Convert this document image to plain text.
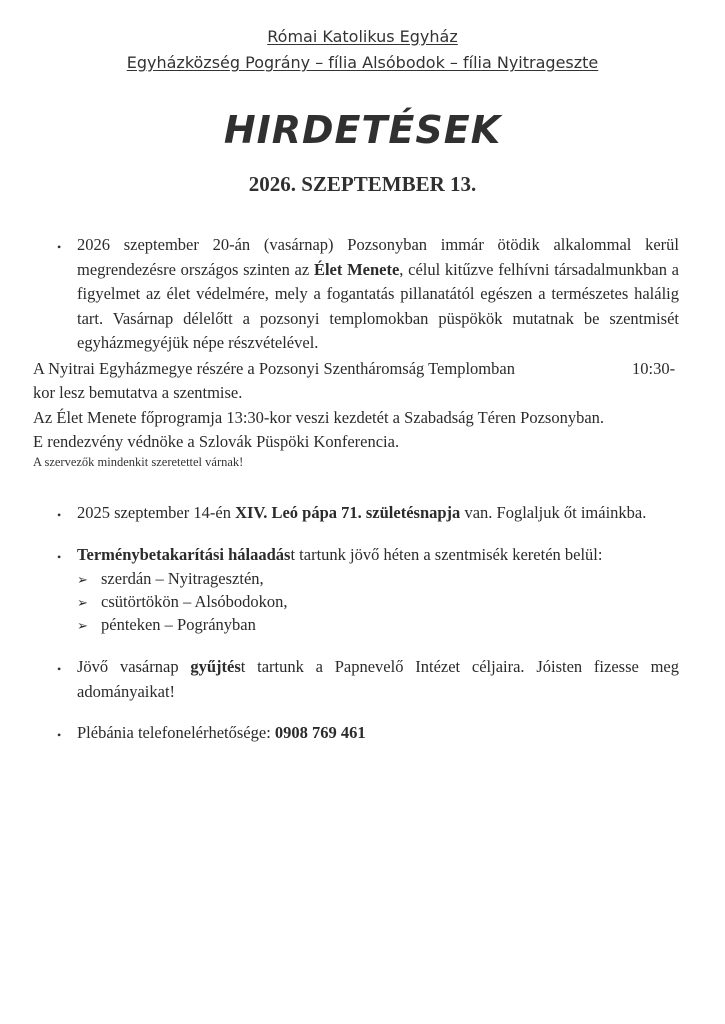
Római Katolikus Egyház
Egyházközség Pográny – fília Alsóbodok – fília Nyitrageszte
HIRDETÉSEK
2026. SZEPTEMBER 13.
• 2026 szeptember 20-án (vasárnap) Pozsonyban immár ötödik alkalommal kerül megrendezésre országos szinten az Élet Menete, célul kitűzve felhívni társadalmunkban a figyelmet az élet védelmére, mely a fogantatás pillanatától egészen a természetes halálig tart. Vasárnap délelőtt a pozsonyi templomokban püspökök mutatnak be szentmisét egyházmegyéjük népe részvételével.
A Nyitrai Egyházmegye részére a Pozsonyi Szentháromság Templomban	10:30-
kor lesz bemutatva a szentmise.
Az Élet Menete főprogramja 13:30-kor veszi kezdetét a Szabadság Téren Pozsonyban.
E rendezvény védnöke a Szlovák Püspöki Konferencia.
A szervezők mindenkit szeretettel várnak!
• 2025 szeptember 14-én XIV. Leó pápa 71. születésnapja van. Foglaljuk őt imáinkba.
• Terménybetakarítási hálaadást tartunk jövő héten a szentmisék keretén belül:
➢ szerdán – Nyitragesztén,
➢ csütörtökön – Alsóbodokon,
➢ pénteken – Pogrányban
• Jövő vasárnap gyűjtést tartunk a Papnevelő Intézet céljaira. Jóisten fizesse meg adományaikat!
• Plébánia telefonelérhetősége: 0908 769 461
